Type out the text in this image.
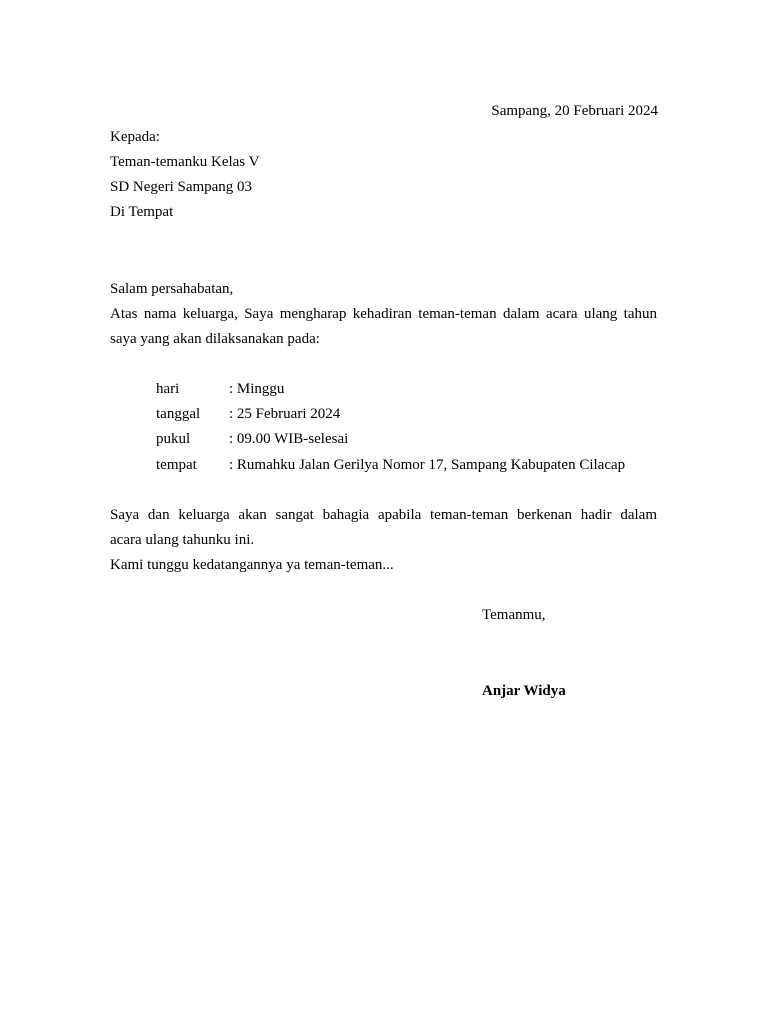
Sampang, 20 Februari 2024
Kepada:
Teman-temanku Kelas V
SD Negeri Sampang 03
Di Tempat
Salam persahabatan,
Atas nama keluarga, Saya mengharap kehadiran teman-teman dalam acara ulang tahun
saya yang akan dilaksanakan pada:
hari	: Minggu
tanggal : 25 Februari 2024
pukul	: 09.00 WIB-selesai
tempat : Rumahku Jalan Gerilya Nomor 17, Sampang Kabupaten Cilacap
Saya dan keluarga akan sangat bahagia apabila teman-teman berkenan hadir dalam
acara ulang tahunku ini.
Kami tunggu kedatangannya ya teman-teman...
Temanmu,
Anjar Widya
